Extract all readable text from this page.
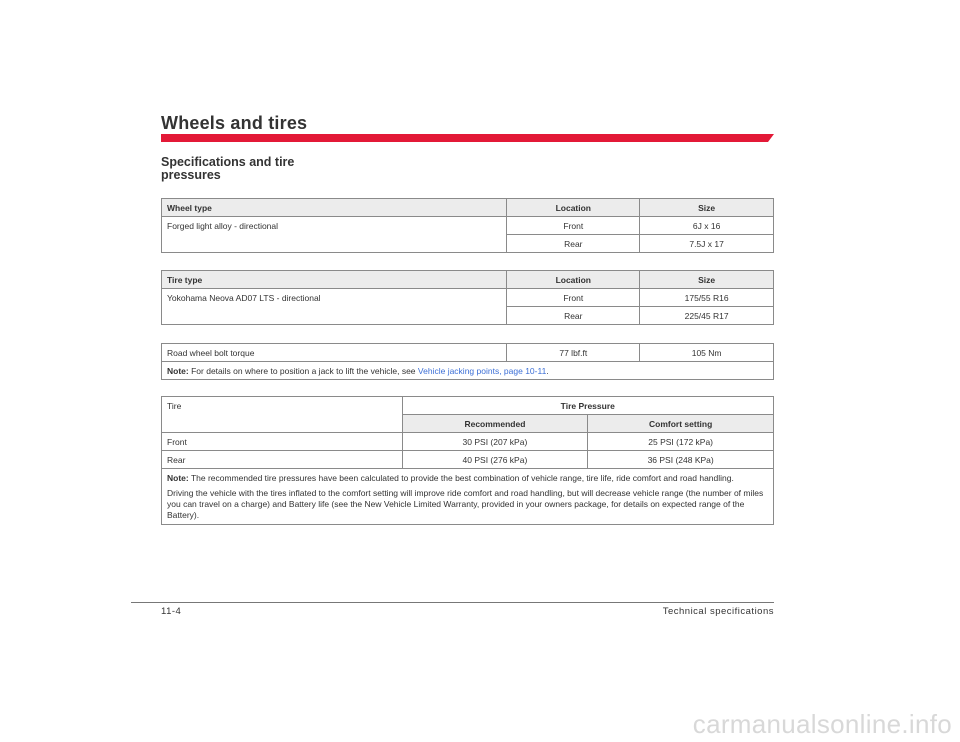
Wheels and tires
Specifications and tire pressures
Wheel type	Location	Size
Forged light alloy - directional	Front	6J x 16
	Rear	7.5J x 17
Tire type	Location	Size
Yokohama Neova AD07 LTS - directional	Front	175/55 R16
	Rear	225/45 R17
Road wheel bolt torque	77 lbf.ft	105 Nm
Note: For details on where to position a jack to lift the vehicle, see Vehicle jacking points, page 10-11.
Tire	Tire Pressure	
	Recommended	Comfort setting
Front	30 PSI (207 kPa)	25 PSI (172 kPa)
Rear	40 PSI (276 kPa)	36 PSI (248 KPa)

Note: The recommended tire pressures have been calculated to provide the best combination of vehicle range, tire life, ride comfort and road handling.

Driving the vehicle with the tires inflated to the comfort setting will improve ride comfort and road handling, but will decrease vehicle range (the number of miles you can travel on a charge) and Battery life (see the New Vehicle Limited Warranty, provided in your owners package, for details on expected range of the Battery).		

11-4	Technical specifications
carmanualsonline.info
